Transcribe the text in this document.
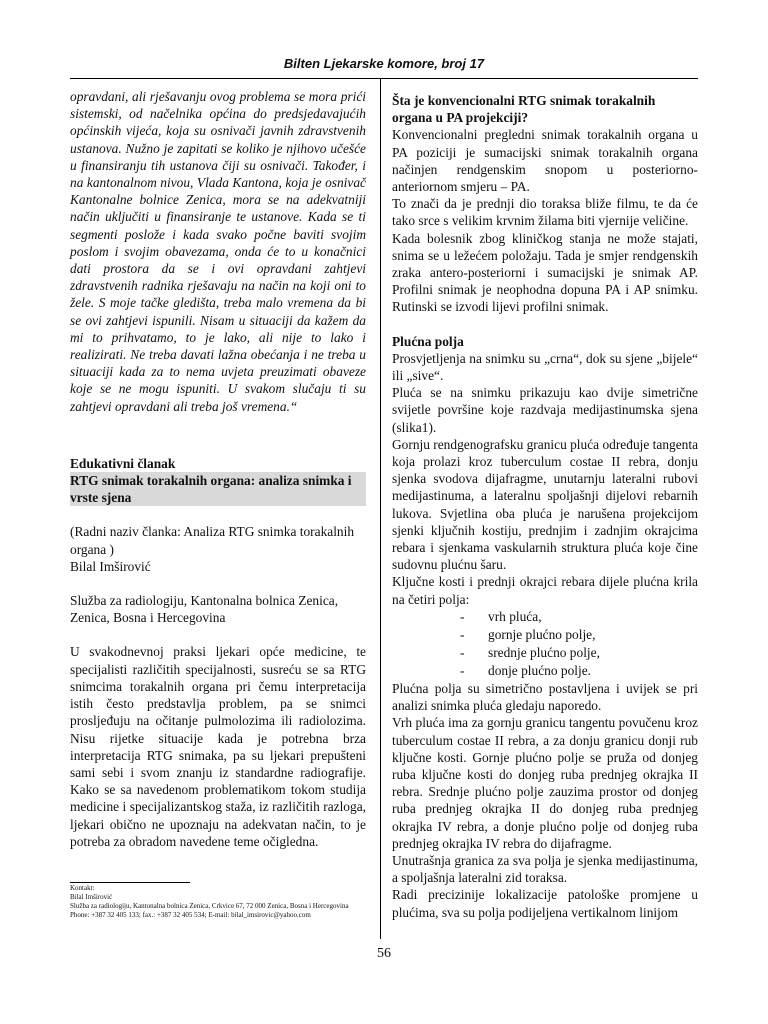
Bilten Ljekarske komore, broj 17

opravdani, ali rješavanju ovog problema se mora prići sistemski, od načelnika općina do predsjedavajućih općinskih vijeća, koja su osnivači javnih zdravstvenih ustanova. Nužno je zapitati se koliko je njihovo učešće u finansiranju tih ustanova čiji su osnivači. Također, i na kantonalnom nivou, Vlada Kantona, koja je osnivač Kantonalne bolnice Zenica, mora se na adekvatniji način uključiti u finansiranje te ustanove. Kada se ti segmenti poslože i kada svako počne baviti svojim poslom i svojim obavezama, onda će to u konačnici dati prostora da se i ovi opravdani zahtjevi zdravstvenih radnika rješavaju na način na koji oni to žele. S moje tačke gledišta, treba malo vremena da bi se ovi zahtjevi ispunili. Nisam u situaciji da kažem da mi to prihvatamo, to je lako, ali nije to lako i realizirati. Ne treba davati lažna obećanja i ne treba u situaciji kada za to nema uvjeta preuzimati obaveze koje se ne mogu ispuniti. U svakom slučaju ti su zahtjevi opravdani ali treba još vremena.“

Edukativni članak

RTG snimak torakalnih organa: analiza snimka i vrste sjena

(Radni naziv članka: Analiza RTG snimka torakalnih organa )

Bilal Imširović

Služba za radiologiju, Kantonalna bolnica Zenica, Zenica, Bosna i Hercegovina

U svakodnevnoj praksi ljekari opće medicine, te specijalisti različitih specijalnosti, susreću se sa RTG snimcima torakalnih organa pri čemu interpretacija istih često predstavlja problem, pa se snimci prosljeđuju na očitanje pulmolozima ili radiolozima. Nisu rijetke situacije kada je potrebna brza interpretacija RTG snimaka, pa su ljekari prepušteni sami sebi i svom znanju iz standardne radiografije. Kako se sa navedenom problematikom tokom studija medicine i specijalizantskog staža, iz različitih razloga, ljekari obično ne upoznaju na adekvatan način, to je potreba za obradom navedene teme očigledna.

Kontakt:
Bilal Imširović
Služba za radiologiju, Kantonalna bolnica Zenica, Crkvice 67, 72 000 Zenica, Bosna i Hercegovina
Phone: +387 32 405 133; fax.: +387 32 405 534; E-mail: bilal_imsirovic@yahoo.com

Šta je konvencionalni RTG snimak torakalnih organa u PA projekciji?

Konvencionalni pregledni snimak torakalnih organa u PA poziciji je sumacijski snimak torakalnih organa načinjen rendgenskim snopom u posteriorno-anteriornom smjeru – PA.

To znači da je prednji dio toraksa bliže filmu, te da će tako srce s velikim krvnim žilama biti vjernije veličine.

Kada bolesnik zbog kliničkog stanja ne može stajati, snima se u ležećem položaju. Tada je smjer rendgenskih zraka antero-posteriorni i sumacijski je snimak AP. Profilni snimak je neophodna dopuna PA i AP snimku. Rutinski se izvodi lijevi profilni snimak.

Plućna polja

Prosvjetljenja na snimku su „crna“, dok su sjene „bijele“ ili „sive“.

Pluća se na snimku prikazuju kao dvije simetrične svijetle površine koje razdvaja medijastinumska sjena (slika1).

Gornju rendgenografsku granicu pluća određuje tangenta koja prolazi kroz tuberculum costae II rebra, donju sjenka svodova dijafragme, unutarnju lateralni rubovi medijastinuma, a lateralnu spoljašnji dijelovi rebarnih lukova. Svjetlina oba pluća je narušena projekcijom sjenki ključnih kostiju, prednjim i zadnjim okrajcima rebara i sjenkama vaskularnih struktura pluća koje čine sudovnu plućnu šaru.

Ključne kosti i prednji okrajci rebara dijele plućna krila na četiri polja:

- vrh pluća,
- gornje plućno polje,
- srednje plućno polje,
- donje plućno polje.

Plućna polja su simetrično postavljena i uvijek se pri analizi snimka pluća gledaju naporedo.

Vrh pluća ima za gornju granicu tangentu povučenu kroz tuberculum costae II rebra, a za donju granicu donji rub ključne kosti. Gornje plućno polje se pruža od donjeg ruba ključne kosti do donjeg ruba prednjeg okrajka II rebra. Srednje plućno polje zauzima prostor od donjeg ruba prednjeg okrajka II do donjeg ruba prednjeg okrajka IV rebra, a donje plućno polje od donjeg ruba prednjeg okrajka IV rebra do dijafragme.

Unutrašnja granica za sva polja je sjenka medijastinuma, a spoljašnja lateralni zid toraksa.

Radi precizinije lokalizacije patološke promjene u plućima, sva su polja podijeljena vertikalnom linijom

56
